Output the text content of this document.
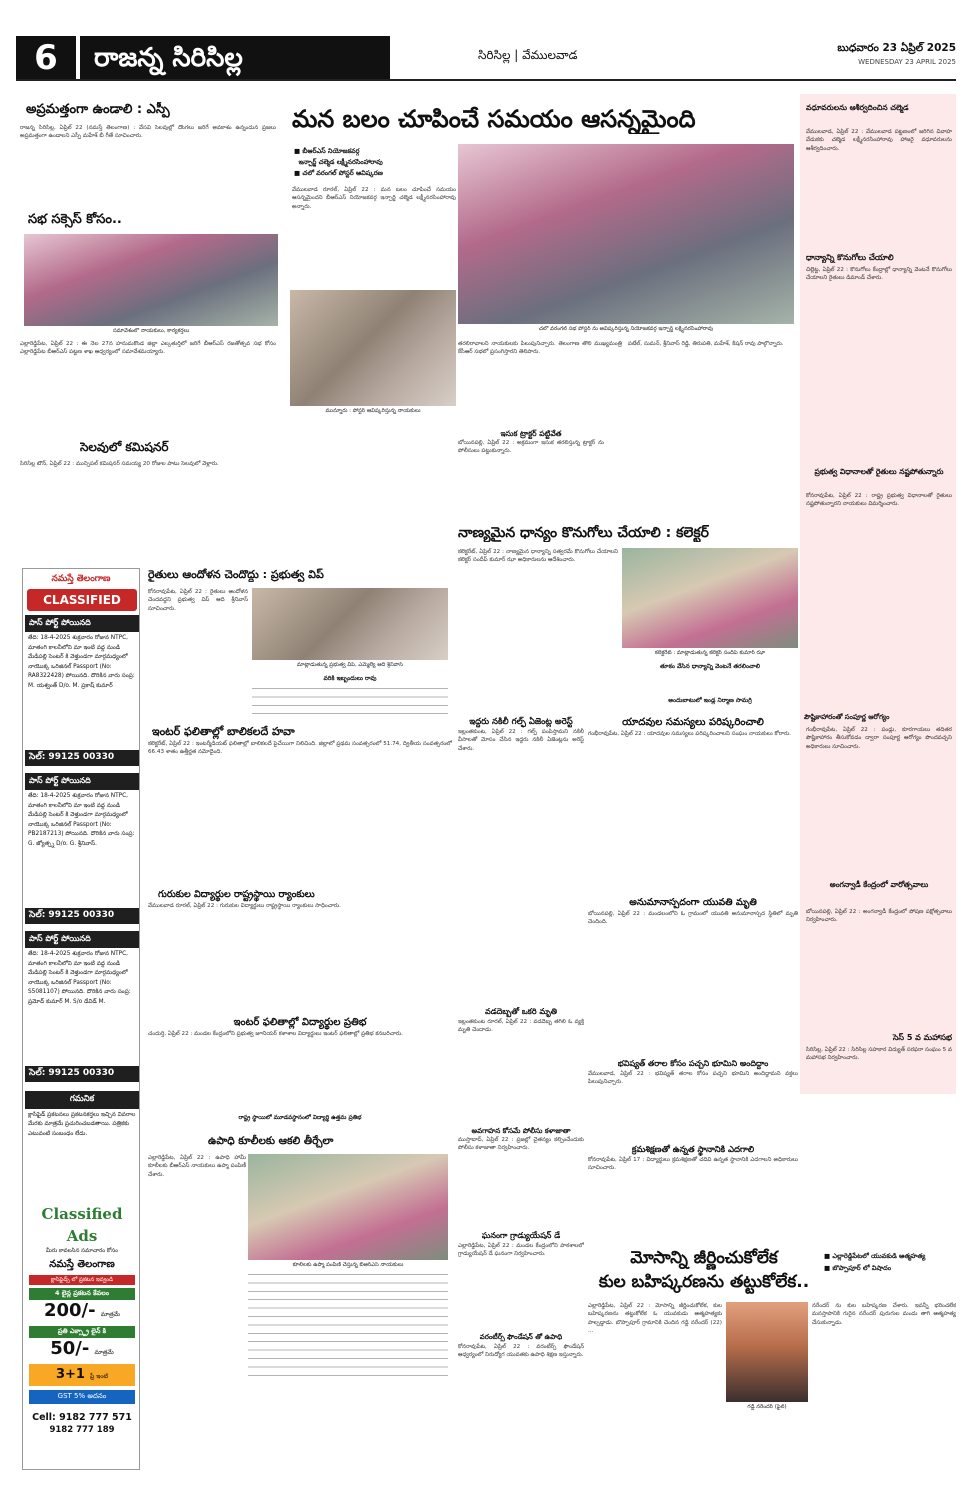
6	రాజన్న సిరిసిల్ల	సిరిసిల్ల | వేములవాడ	బుధవారం 23 ఏప్రిల్ 2025
WEDNESDAY 23 APRIL 2025
అప్రమత్తంగా ఉండాలి : ఎస్పీ
రాజన్న సిరిసిల్ల, ఏప్రిల్ 22 (నమస్తే తెలంగాణ) : వేసవి సెలవుల్లో దొంగలు జరిగే అవకాశం ఉన్నందున ప్రజలు అప్రమత్తంగా ఉండాలని ఎస్పీ మహేశ్ బీ గీతే సూచించారు.
సభ సక్సెస్ కోసం..
సమావేశంలో నాయకులు, కార్యకర్తలు
ఎల్లారెడ్డిపేట, ఏప్రిల్ 22 : ఈ నెల 27న హనుమకొండ జిల్లా ఎల్కతుర్తిలో జరిగే బీఆర్ఎస్ రజతోత్సవ సభ కోసం ఎల్లారెడ్డిపేట బీఆర్ఎస్ పట్టణ శాఖ ఆధ్వర్యంలో సమావేశమయ్యారు.
సెలవులో కమిషనర్
సిరిసిల్ల టౌన్, ఏప్రిల్ 22 : మున్సిపల్ కమిషనర్ సమయ్య 20 రోజుల పాటు సెలవులో వెళ్లారు.
నమస్తే తెలంగాణ
CLASSIFIED
పాస్ పోర్ట్ పోయినది
తేది: 18-4-2025 శుక్రవారం రోజున NTPC, మాతంగి కాలనీలోని మా ఇంటి వద్ద నుండి మేడిపల్లి సెంటర్ కి వెళ్తుండగా మార్గమధ్యంలో నాయొక్క ఒరిజినల్ Passport (No: RA8322428) పోయినది. దొరికిన వారు సంప్ర: M. యశ్వంత్ D/o. M. ప్రకాష్ కుమార్
సెల్: 99125 00330
పాస్ పోర్ట్ పోయినది
తేది: 18-4-2025 శుక్రవారం రోజున NTPC, మాతంగి కాలనీలోని మా ఇంటి వద్ద నుండి మేడిపల్లి సెంటర్ కి వెళ్తుండగా మార్గమధ్యంలో నాయొక్క ఒరిజినల్ Passport (No: PB2187213) పోయినది. దొరికిన వారు సంప్ర: G. జ్యోత్స్న D/o. G. శ్రీనివాస్.
సెల్: 99125 00330
పాస్ పోర్ట్ పోయినది
తేది: 18-4-2025 శుక్రవారం రోజున NTPC, మాతంగి కాలనీలోని మా ఇంటి వద్ద నుండి మేడిపల్లి సెంటర్ కి వెళ్తుండగా మార్గమధ్యంలో నాయొక్క ఒరిజినల్ Passport (No: S5081107) పోయినది. దొరికిన వారు సంప్ర: ప్రమోద్ కుమార్ M. S/o డేవిడ్ M.
సెల్: 99125 00330
గమనిక
క్లాసిఫైడ్ ప్రకటనలు ప్రకటనకర్తలు ఇచ్చిన వివరాల మేరకు మాత్రమే ప్రచురించబడతాయి. పత్రికకు ఎటువంటి సంబంధం లేదు.
Classified Ads
మీరు కావలసిన సమాచారం కోసం
నమస్తే తెలంగాణ
క్లాసిఫైడ్స్ లో ప్రకటన ఇవ్వండి
4 లైన్ల ప్రకటన కేవలం
200/- మాత్రమే
ప్రతి ఎక్స్ట్రా లైన్ కి
50/- మాత్రమే
3+1 ఫ్రీ ఇంటి
GST 5% అదనం
Cell: 9182 777 571
9182 777 189
మన బలం చూపించే సమయం ఆసన్నమైంది
■ బీఆర్ఎస్ నియోజకవర్గ
ఇన్చార్జ్ చల్మెడ లక్ష్మీనరసింహారావు
■ చలో వరంగల్ పోస్టర్ ఆవిష్కరణ
వేములవాడ రూరల్, ఏప్రిల్ 22 : మన బలం చూపించే సమయం ఆసన్నమైందని బీఆర్ఎస్ నియోజకవర్గ ఇన్చార్జి చల్మెడ లక్ష్మీనరసింహారావు అన్నారు.
చలో వరంగల్ సభ పోస్టర్ ను ఆవిష్కరిస్తున్న నియోజకవర్గ ఇన్చార్జ్ లక్ష్మీనరసింహారావు
మున్నూరు : పోస్టర్ ఆవిష్కరిస్తున్న నాయకులు
తరలిరావాలని నాయకులకు పిలుపునిచ్చారు. తెలంగాణ తొలి ముఖ్యమంత్రి కేసీఆర్ సభలో ప్రసంగిస్తారని తెలిపారు.
పటేల్, సుమన్, శ్రీనివాస్ రెడ్డి, తిరుపతి, మహేశ్, కిషన్ రావు పాల్గొన్నారు.
వధూవరులను ఆశీర్వదించిన చల్మెడ
వేములవాడ, ఏప్రిల్ 22 : వేములవాడ పట్టణంలో జరిగిన వివాహ వేడుకకు చల్మెడ లక్ష్మీనరసింహారావు హాజరై వధూవరులను ఆశీర్వదించారు.
ధాన్యాన్ని కొనుగోలు చేయాలి
చిల్లెట్ట, ఏప్రిల్ 22 : కొనుగోలు కేంద్రాల్లో ధాన్యాన్ని వెంటనే కొనుగోలు చేయాలని రైతులు డిమాండ్ చేశారు.
ప్రభుత్వ విధానాలతో రైతులు నష్టపోతున్నారు
కోనరావుపేట, ఏప్రిల్ 22 : రాష్ట్ర ప్రభుత్వ విధానాలతో రైతులు నష్టపోతున్నారని నాయకులు విమర్శించారు.
పౌష్టికాహారంతో సంపూర్ణ ఆరోగ్యం
గంభీరావుపేట, ఏప్రిల్ 22 : పండ్లు, కూరగాయలు తదితర పౌష్టికాహారం తీసుకోవడం ద్వారా సంపూర్ణ ఆరోగ్యం పొందవచ్చని అధికారులు సూచించారు.
అంగన్వాడీ కేంద్రంలో వారోత్సవాలు
బోయినపల్లి, ఏప్రిల్ 22 : అంగన్వాడీ కేంద్రంలో పోషణ పక్షోత్సవాలు నిర్వహించారు.
సెస్ 5 వ మహాసభ
సిరిసిల్ల, ఏప్రిల్ 22 : సిరిసిల్ల సహకార విద్యుత్ సరఫరా సంఘం 5 వ మహాసభ నిర్వహించారు.
ఇసుక ట్రాక్టర్ పట్టివేత
బోయినపల్లి, ఏప్రిల్ 22 : అక్రమంగా ఇసుక తరలిస్తున్న ట్రాక్టర్ ను పోలీసులు పట్టుకున్నారు.
నాణ్యమైన ధాన్యం కొనుగోలు చేయాలి : కలెక్టర్
కలెక్టరేట్, ఏప్రిల్ 22 : నాణ్యమైన ధాన్యాన్ని సత్వరమే కొనుగోలు చేయాలని కలెక్టర్ సందీప్ కుమార్ ఝా అధికారులను ఆదేశించారు.
కలెక్టరేట్ : మాట్లాడుతున్న కలెక్టర్ సందీప్ కుమార్ ఝా
తూకం వేసిన ధాన్యాన్ని వెంటనే తరలించాలి
అందుబాటులో ఇండ్ల నిర్మాణ సామగ్రి
రైతులు ఆందోళన చెందొద్దు : ప్రభుత్వ విప్
కోనరావుపేట, ఏప్రిల్ 22 : రైతులు ఆందోళన చెందవద్దని ప్రభుత్వ విప్ ఆది శ్రీనివాస్ సూచించారు.
మాట్లాడుతున్న ప్రభుత్వ విప్, ఎమ్మెల్యే ఆది శ్రీనివాస్
వరికి ఇబ్బందులు రావు
ఇంటర్ ఫలితాల్లో బాలికలదే హవా
కలెక్టరేట్, ఏప్రిల్ 22 : ఇంటర్మీడియట్ ఫలితాల్లో బాలికలదే పైచేయిగా నిలిచింది. జిల్లాలో ప్రథమ సంవత్సరంలో 51.74, ద్వితీయ సంవత్సరంలో 66.43 శాతం ఉత్తీర్ణత నమోదైంది.
గురుకుల విద్యార్థుల రాష్ట్రస్థాయి ర్యాంకులు
వేములవాడ రూరల్, ఏప్రిల్ 22 : గురుకుల విద్యార్థులు రాష్ట్రస్థాయి ర్యాంకులు సాధించారు.
ఇంటర్ ఫలితాల్లో విద్యార్థుల ప్రతిభ
చందుర్తి, ఏప్రిల్ 22 : మండల కేంద్రంలోని ప్రభుత్వ జూనియర్ కళాశాల విద్యార్థులు ఇంటర్ ఫలితాల్లో ప్రతిభ కనబరిచారు.
రాష్ట్ర స్థాయిలో మూడవస్థానంలో విద్యార్థి ఉత్తమ ప్రతిభ
ఉపాధి కూలీలకు ఆకలి తీర్చేలా
ఎల్లారెడ్డిపేట, ఏప్రిల్ 22 : ఉపాధి హామీ కూలీలకు బీఆర్ఎస్ నాయకులు ఉప్మా పంపిణీ చేశారు.
కూలీలకు ఉప్మా పంపిణీ చేస్తున్న బీఆర్ఎస్ నాయకులు
ఇద్దరు నకిలీ గల్ఫ్ ఏజెంట్ల అరెస్ట్
ఇల్లంతకుంట, ఏప్రిల్ 22 : గల్ఫ్ పంపిస్తామని నకిలీ వీసాలతో మోసం చేసిన ఇద్దరు నకిలీ ఏజెంట్లను అరెస్ట్ చేశారు.
యాదవుల సమస్యలు పరిష్కరించాలి
గంభీరావుపేట, ఏప్రిల్ 22 : యాదవుల సమస్యలు పరిష్కరించాలని సంఘం నాయకులు కోరారు.
అనుమానాస్పదంగా యువతి మృతి
బోయినపల్లి, ఏప్రిల్ 22 : మండలంలోని ఓ గ్రామంలో యువతి అనుమానాస్పద స్థితిలో మృతి చెందింది.
వడదెబ్బతో ఒకరి మృతి
ఇల్లంతకుంట రూరల్, ఏప్రిల్ 22 : వడదెబ్బ తగిలి ఓ వ్యక్తి మృతి చెందాడు.
అవగాహన కోసమే పోలీసు కళాజాతా
ముస్తాబాద్, ఏప్రిల్ 22 : ప్రజల్లో చైతన్యం కల్పించేందుకు పోలీసు కళాజాతా నిర్వహించారు.
ఘనంగా గ్రాడ్యుయేషన్ డే
ఎల్లారెడ్డిపేట, ఏప్రిల్ 22 : మండల కేంద్రంలోని పాఠశాలలో గ్రాడ్యుయేషన్ డే ఘనంగా నిర్వహించారు.
వరంటీర్స్ ఫౌండేషన్ తో ఉపాధి
కోనరావుపేట, ఏప్రిల్ 22 : వరంటీర్స్ ఫౌండేషన్ ఆధ్వర్యంలో నిరుద్యోగ యువతకు ఉపాధి శిక్షణ ఇస్తున్నారు.
భవిష్యత్ తరాల కోసం పచ్చని భూమిని అందిద్దాం
వేములవాడ, ఏప్రిల్ 22 : భవిష్యత్ తరాల కోసం పచ్చని భూమిని అందిద్దామని వక్తలు పిలుపునిచ్చారు.
క్రమశిక్షణతో ఉన్నత స్థానానికి ఎదగాలి
కోనరావుపేట, ఏప్రిల్ 17 : విద్యార్థులు క్రమశిక్షణతో చదివి ఉన్నత స్థానానికి ఎదగాలని అధికారులు సూచించారు.
మోసాన్ని జీర్ణించుకోలేక
కుల బహిష్కరణను తట్టుకోలేక..
■ ఎల్లారెడ్డిపేటలో యువకుడి ఆత్మహత్య
■ బొప్పాపూర్ లో విషాదం
ఎల్లారెడ్డిపేట, ఏప్రిల్ 22 : మోసాన్ని జీర్ణించుకోలేక, కుల బహిష్కరణను తట్టుకోలేక ఓ యువకుడు ఆత్మహత్యకు పాల్పడ్డాడు. బొప్పాపూర్ గ్రామానికి చెందిన గడ్డి నరేందర్ (22) ...
గడ్డి నరేందర్ (ఫైల్)
నరేందర్ ను కుల బహిష్కరణ చేశారు. ఇవన్నీ భరించలేక మనస్తాపానికి గురైన నరేందర్ పురుగుల మందు తాగి ఆత్మహత్య చేసుకున్నాడు.
